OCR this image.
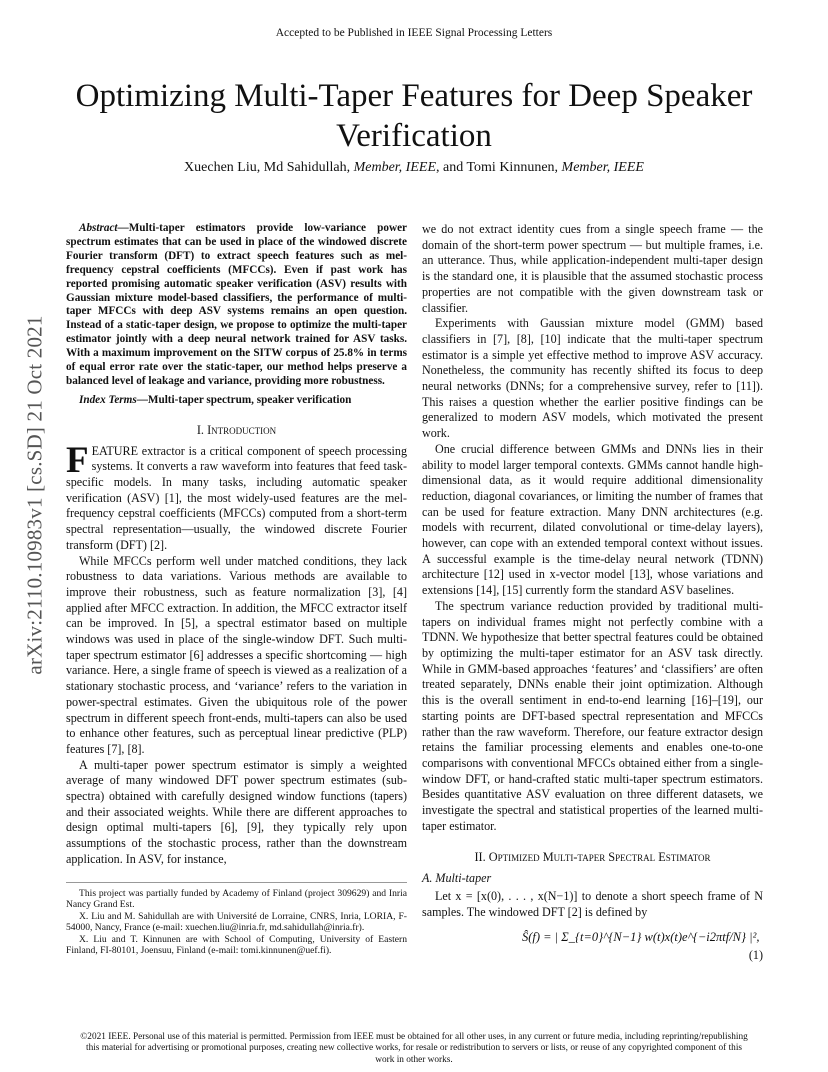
Accepted to be Published in IEEE Signal Processing Letters
Optimizing Multi-Taper Features for Deep Speaker Verification
Xuechen Liu, Md Sahidullah, Member, IEEE, and Tomi Kinnunen, Member, IEEE
arXiv:2110.10983v1 [cs.SD] 21 Oct 2021

Abstract—Multi-taper estimators provide low-variance power spectrum estimates that can be used in place of the windowed discrete Fourier transform (DFT) to extract speech features such as mel-frequency cepstral coefficients (MFCCs). Even if past work has reported promising automatic speaker verification (ASV) results with Gaussian mixture model-based classifiers, the performance of multi-taper MFCCs with deep ASV systems remains an open question. Instead of a static-taper design, we propose to optimize the multi-taper estimator jointly with a deep neural network trained for ASV tasks. With a maximum improvement on the SITW corpus of 25.8% in terms of equal error rate over the static-taper, our method helps preserve a balanced level of leakage and variance, providing more robustness.

Index Terms—Multi-taper spectrum, speaker verification

I. Introduction

FEATURE extractor is a critical component of speech processing systems. It converts a raw waveform into features that feed task-specific models. In many tasks, including automatic speaker verification (ASV) [1], the most widely-used features are the mel-frequency cepstral coefficients (MFCCs) computed from a short-term spectral representation—usually, the windowed discrete Fourier transform (DFT) [2].

While MFCCs perform well under matched conditions, they lack robustness to data variations. Various methods are available to improve their robustness, such as feature normalization [3], [4] applied after MFCC extraction. In addition, the MFCC extractor itself can be improved. In [5], a spectral estimator based on multiple windows was used in place of the single-window DFT. Such multi-taper spectrum estimator [6] addresses a specific shortcoming — high variance. Here, a single frame of speech is viewed as a realization of a stationary stochastic process, and ‘variance’ refers to the variation in power-spectral estimates. Given the ubiquitous role of the power spectrum in different speech front-ends, multi-tapers can also be used to enhance other features, such as perceptual linear predictive (PLP) features [7], [8].

A multi-taper power spectrum estimator is simply a weighted average of many windowed DFT power spectrum estimates (sub-spectra) obtained with carefully designed window functions (tapers) and their associated weights. While there are different approaches to design optimal multi-tapers [6], [9], they typically rely upon assumptions of the stochastic process, rather than the downstream application. In ASV, for instance,

This project was partially funded by Academy of Finland (project 309629) and Inria Nancy Grand Est.

X. Liu and M. Sahidullah are with Université de Lorraine, CNRS, Inria, LORIA, F-54000, Nancy, France (e-mail: xuechen.liu@inria.fr, md.sahidullah@inria.fr).

X. Liu and T. Kinnunen are with School of Computing, University of Eastern Finland, FI-80101, Joensuu, Finland (e-mail: tomi.kinnunen@uef.fi).

we do not extract identity cues from a single speech frame — the domain of the short-term power spectrum — but multiple frames, i.e. an utterance. Thus, while application-independent multi-taper design is the standard one, it is plausible that the assumed stochastic process properties are not compatible with the given downstream task or classifier.

Experiments with Gaussian mixture model (GMM) based classifiers in [7], [8], [10] indicate that the multi-taper spectrum estimator is a simple yet effective method to improve ASV accuracy. Nonetheless, the community has recently shifted its focus to deep neural networks (DNNs; for a comprehensive survey, refer to [11]). This raises a question whether the earlier positive findings can be generalized to modern ASV models, which motivated the present work.

One crucial difference between GMMs and DNNs lies in their ability to model larger temporal contexts. GMMs cannot handle high-dimensional data, as it would require additional dimensionality reduction, diagonal covariances, or limiting the number of frames that can be used for feature extraction. Many DNN architectures (e.g. models with recurrent, dilated convolutional or time-delay layers), however, can cope with an extended temporal context without issues. A successful example is the time-delay neural network (TDNN) architecture [12] used in x-vector model [13], whose variations and extensions [14], [15] currently form the standard ASV baselines.

The spectrum variance reduction provided by traditional multi-tapers on individual frames might not perfectly combine with a TDNN. We hypothesize that better spectral features could be obtained by optimizing the multi-taper estimator for an ASV task directly. While in GMM-based approaches ‘features’ and ‘classifiers’ are often treated separately, DNNs enable their joint optimization. Although this is the overall sentiment in end-to-end learning [16]–[19], our starting points are DFT-based spectral representation and MFCCs rather than the raw waveform. Therefore, our feature extractor design retains the familiar processing elements and enables one-to-one comparisons with conventional MFCCs obtained either from a single-window DFT, or hand-crafted static multi-taper spectrum estimators. Besides quantitative ASV evaluation on three different datasets, we investigate the spectral and statistical properties of the learned multi-taper estimator.

II. Optimized Multi-taper Spectral Estimator

A. Multi-taper

Let x = [x(0), . . . , x(N−1)] to denote a short speech frame of N samples. The windowed DFT [2] is defined by

Ŝ(f) = | Σ_{t=0}^{N−1} w(t)x(t)e^{−i2πtf/N} |²,
(1)
©2021 IEEE. Personal use of this material is permitted. Permission from IEEE must be obtained for all other uses, in any current or future media, including reprinting/republishing this material for advertising or promotional purposes, creating new collective works, for resale or redistribution to servers or lists, or reuse of any copyrighted component of this work in other works.
